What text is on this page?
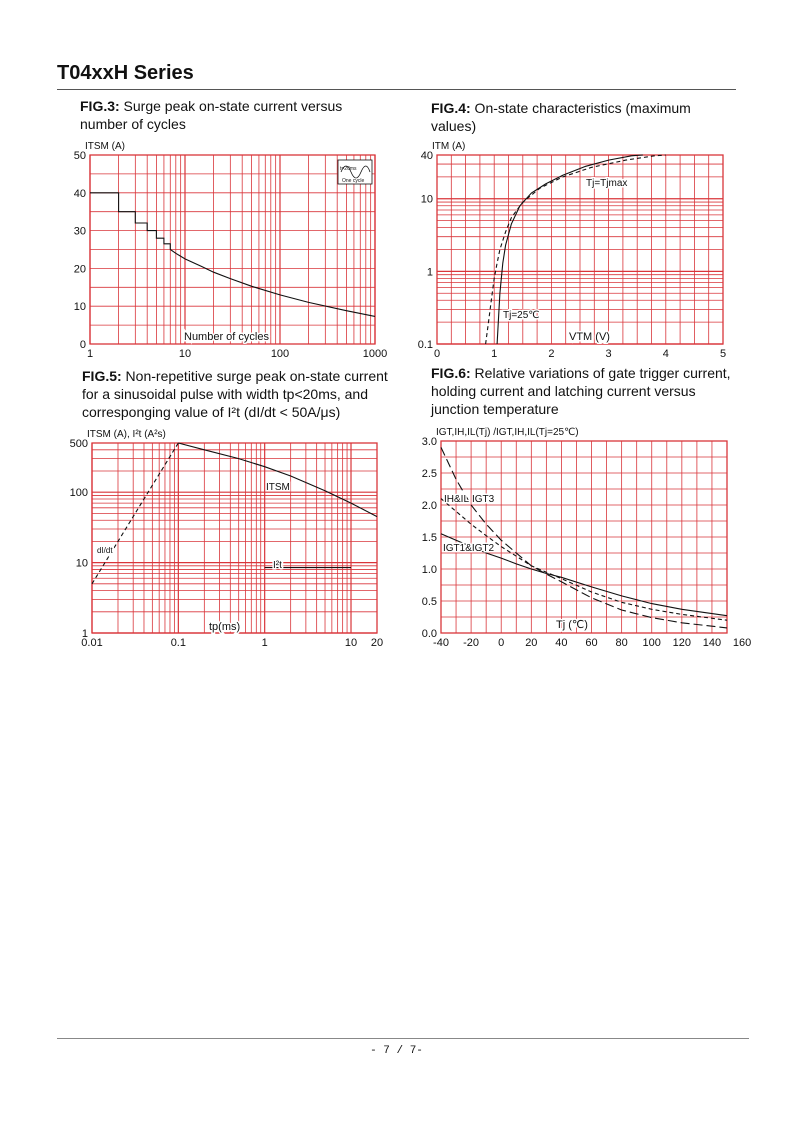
T04xxH Series

FIG.3: Surge peak on-state current versus number of cycles

FIG.4: On-state characteristics (maximum values)

FIG.5: Non-repetitive surge peak on-state current for a sinusoidal pulse with width tp<20ms, and corresponging value of I²t (dI/dt < 50A/μs)

FIG.6: Relative variations of gate trigger current, holding current and latching current versus junction temperature

1	10	100	1000
0
10
20
30
40
50
ITSM (A)
Number of cycles
t=20ms
One cycle
0	1	2	3	4	5
0.1
1
10
40
ITM (A)
VTM (V)
Tj=Tjmax
Tj=25℃
0.01	0.1	1	10 20
1
10
100
500
ITSM (A), I²t (A²s)
tp(ms)
ITSM
I²t
dI/dt
-40 -20 0 20 40 60 80 100 120 140 160
0.0
0.5
1.0
1.5
2.0
2.5
3.0
IGT,IH,IL(Tj) /IGT,IH,IL(Tj=25℃)
Tj (℃)
IH&IL IGT3
IGT1&IGT2
- 7 / 7-
